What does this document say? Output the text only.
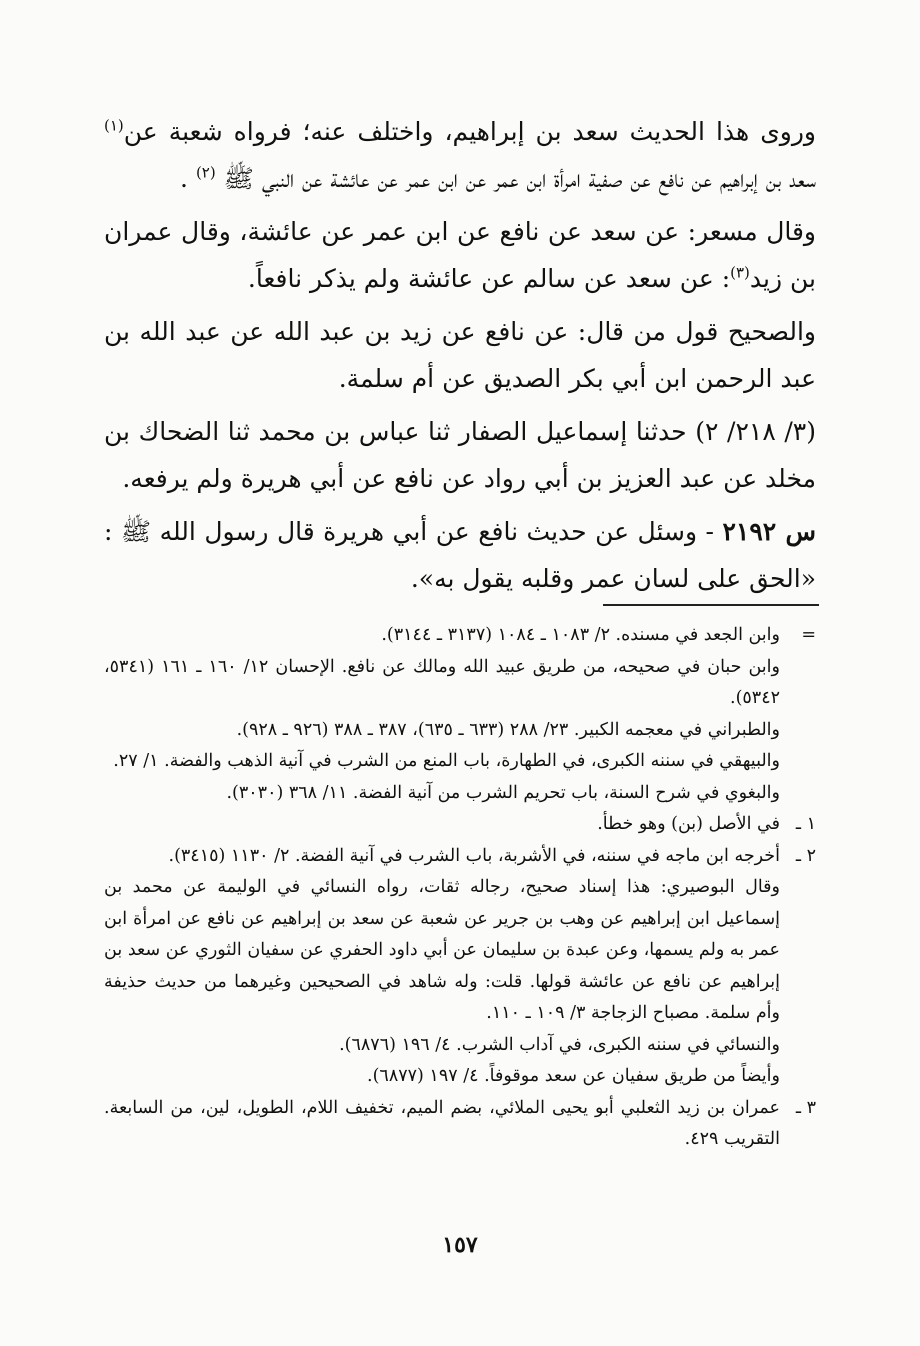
وروى هذا الحديث سعد بن إبراهيم، واختلف عنه؛ فرواه شعبة عن$^{(١)}$ سعد بن إبراهيم عن نافع عن صفية امرأة ابن عمر عن ابن عمر عن عائشة عن النبي ﷺ $^{(٢)}$ .

وقال مسعر: عن سعد عن نافع عن ابن عمر عن عائشة، وقال عمران بن زيد$^{(٣)}$: عن سعد عن سالم عن عائشة ولم يذكر نافعاً.

والصحيح قول من قال: عن نافع عن زيد بن عبد الله عن عبد الله بن عبد الرحمن ابن أبي بكر الصديق عن أم سلمة.

(٣/ ٢١٨/ ٢) حدثنا إسماعيل الصفار ثنا عباس بن محمد ثنا الضحاك بن مخلد عن عبد العزيز بن أبي رواد عن نافع عن أبي هريرة ولم يرفعه.

س ٢١٩٢ - وسئل عن حديث نافع عن أبي هريرة قال رسول الله ﷺ : «الحق على لسان عمر وقلبه يقول به».

=
وابن الجعد في مسنده. ٢/ ١٠٨٣ ـ ١٠٨٤ (٣١٣٧ ـ ٣١٤٤).
وابن حبان في صحيحه، من طريق عبيد الله ومالك عن نافع. الإحسان ١٢/ ١٦٠ ـ ١٦١ (٥٣٤١، ٥٣٤٢).
والطبراني في معجمه الكبير. ٢٣/ ٢٨٨ (٦٣٣ ـ ٦٣٥)، ٣٨٧ ـ ٣٨٨ (٩٢٦ ـ ٩٢٨).
والبيهقي في سننه الكبرى، في الطهارة، باب المنع من الشرب في آنية الذهب والفضة. ١/ ٢٧.
والبغوي في شرح السنة، باب تحريم الشرب من آنية الفضة. ١١/ ٣٦٨ (٣٠٣٠).
١ ـ
في الأصل (بن) وهو خطأ.
٢ ـ
أخرجه ابن ماجه في سننه، في الأشربة، باب الشرب في آنية الفضة. ٢/ ١١٣٠ (٣٤١٥).
وقال البوصيري: هذا إسناد صحيح، رجاله ثقات، رواه النسائي في الوليمة عن محمد بن إسماعيل ابن إبراهيم عن وهب بن جرير عن شعبة عن سعد بن إبراهيم عن نافع عن امرأة ابن عمر به ولم يسمها، وعن عبدة بن سليمان عن أبي داود الحفري عن سفيان الثوري عن سعد بن إبراهيم عن نافع عن عائشة قولها. قلت: وله شاهد في الصحيحين وغيرهما من حديث حذيفة وأم سلمة. مصباح الزجاجة ٣/ ١٠٩ ـ ١١٠.
والنسائي في سننه الكبرى، في آداب الشرب. ٤/ ١٩٦ (٦٨٧٦).
وأيضاً من طريق سفيان عن سعد موقوفاً. ٤/ ١٩٧ (٦٨٧٧).
٣ ـ
عمران بن زيد الثعلبي أبو يحيى الملائي، بضم الميم، تخفيف اللام، الطويل، لين، من السابعة. التقريب ٤٢٩.
١٥٧
